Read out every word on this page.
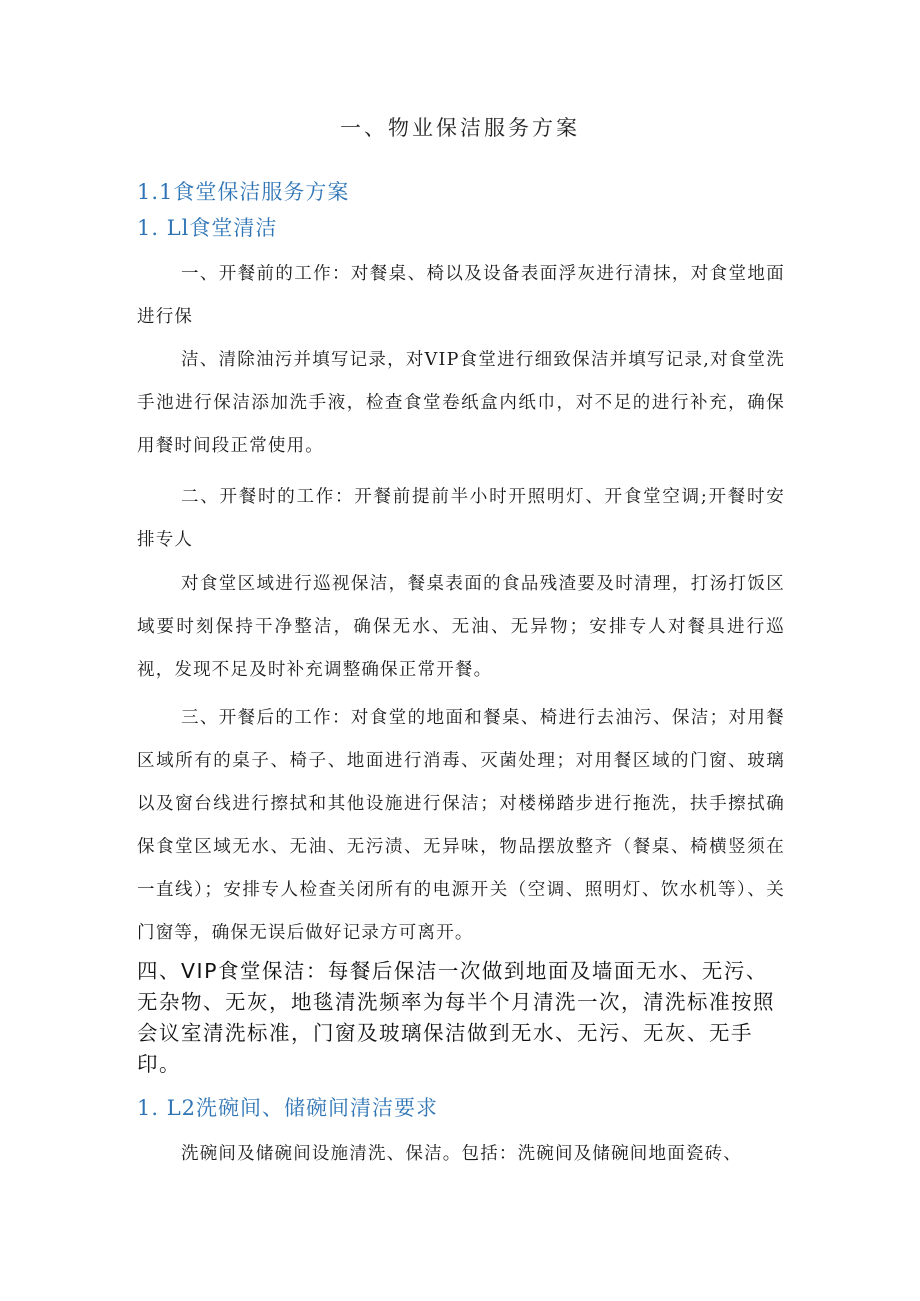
一、物业保洁服务方案
1.1食堂保洁服务方案
1. Ll食堂清洁
一、开餐前的工作：对餐桌、椅以及设备表面浮灰进行清抹，对食堂地面进行保
洁、清除油污并填写记录，对VIP食堂进行细致保洁并填写记录,对食堂洗手池进行保洁添加洗手液，检查食堂卷纸盒内纸巾，对不足的进行补充，确保用餐时间段正常使用。
二、开餐时的工作：开餐前提前半小时开照明灯、开食堂空调;开餐时安排专人
对食堂区域进行巡视保洁，餐桌表面的食品残渣要及时清理，打汤打饭区域要时刻保持干净整洁，确保无水、无油、无异物；安排专人对餐具进行巡视，发现不足及时补充调整确保正常开餐。
三、开餐后的工作：对食堂的地面和餐桌、椅进行去油污、保洁；对用餐区域所有的桌子、椅子、地面进行消毒、灭菌处理；对用餐区域的门窗、玻璃以及窗台线进行擦拭和其他设施进行保洁；对楼梯踏步进行拖洗，扶手擦拭确保食堂区域无水、无油、无污渍、无异味，物品摆放整齐（餐桌、椅横竖须在一直线）；安排专人检查关闭所有的电源开关（空调、照明灯、饮水机等）、关门窗等，确保无误后做好记录方可离开。
四、VIP食堂保洁：每餐后保洁一次做到地面及墙面无水、无污、无杂物、无灰，地毯清洗频率为每半个月清洗一次，清洗标准按照会议室清洗标准，门窗及玻璃保洁做到无水、无污、无灰、无手印。
1. L2洗碗间、储碗间清洁要求
洗碗间及储碗间设施清洗、保洁。包括：洗碗间及储碗间地面瓷砖、
